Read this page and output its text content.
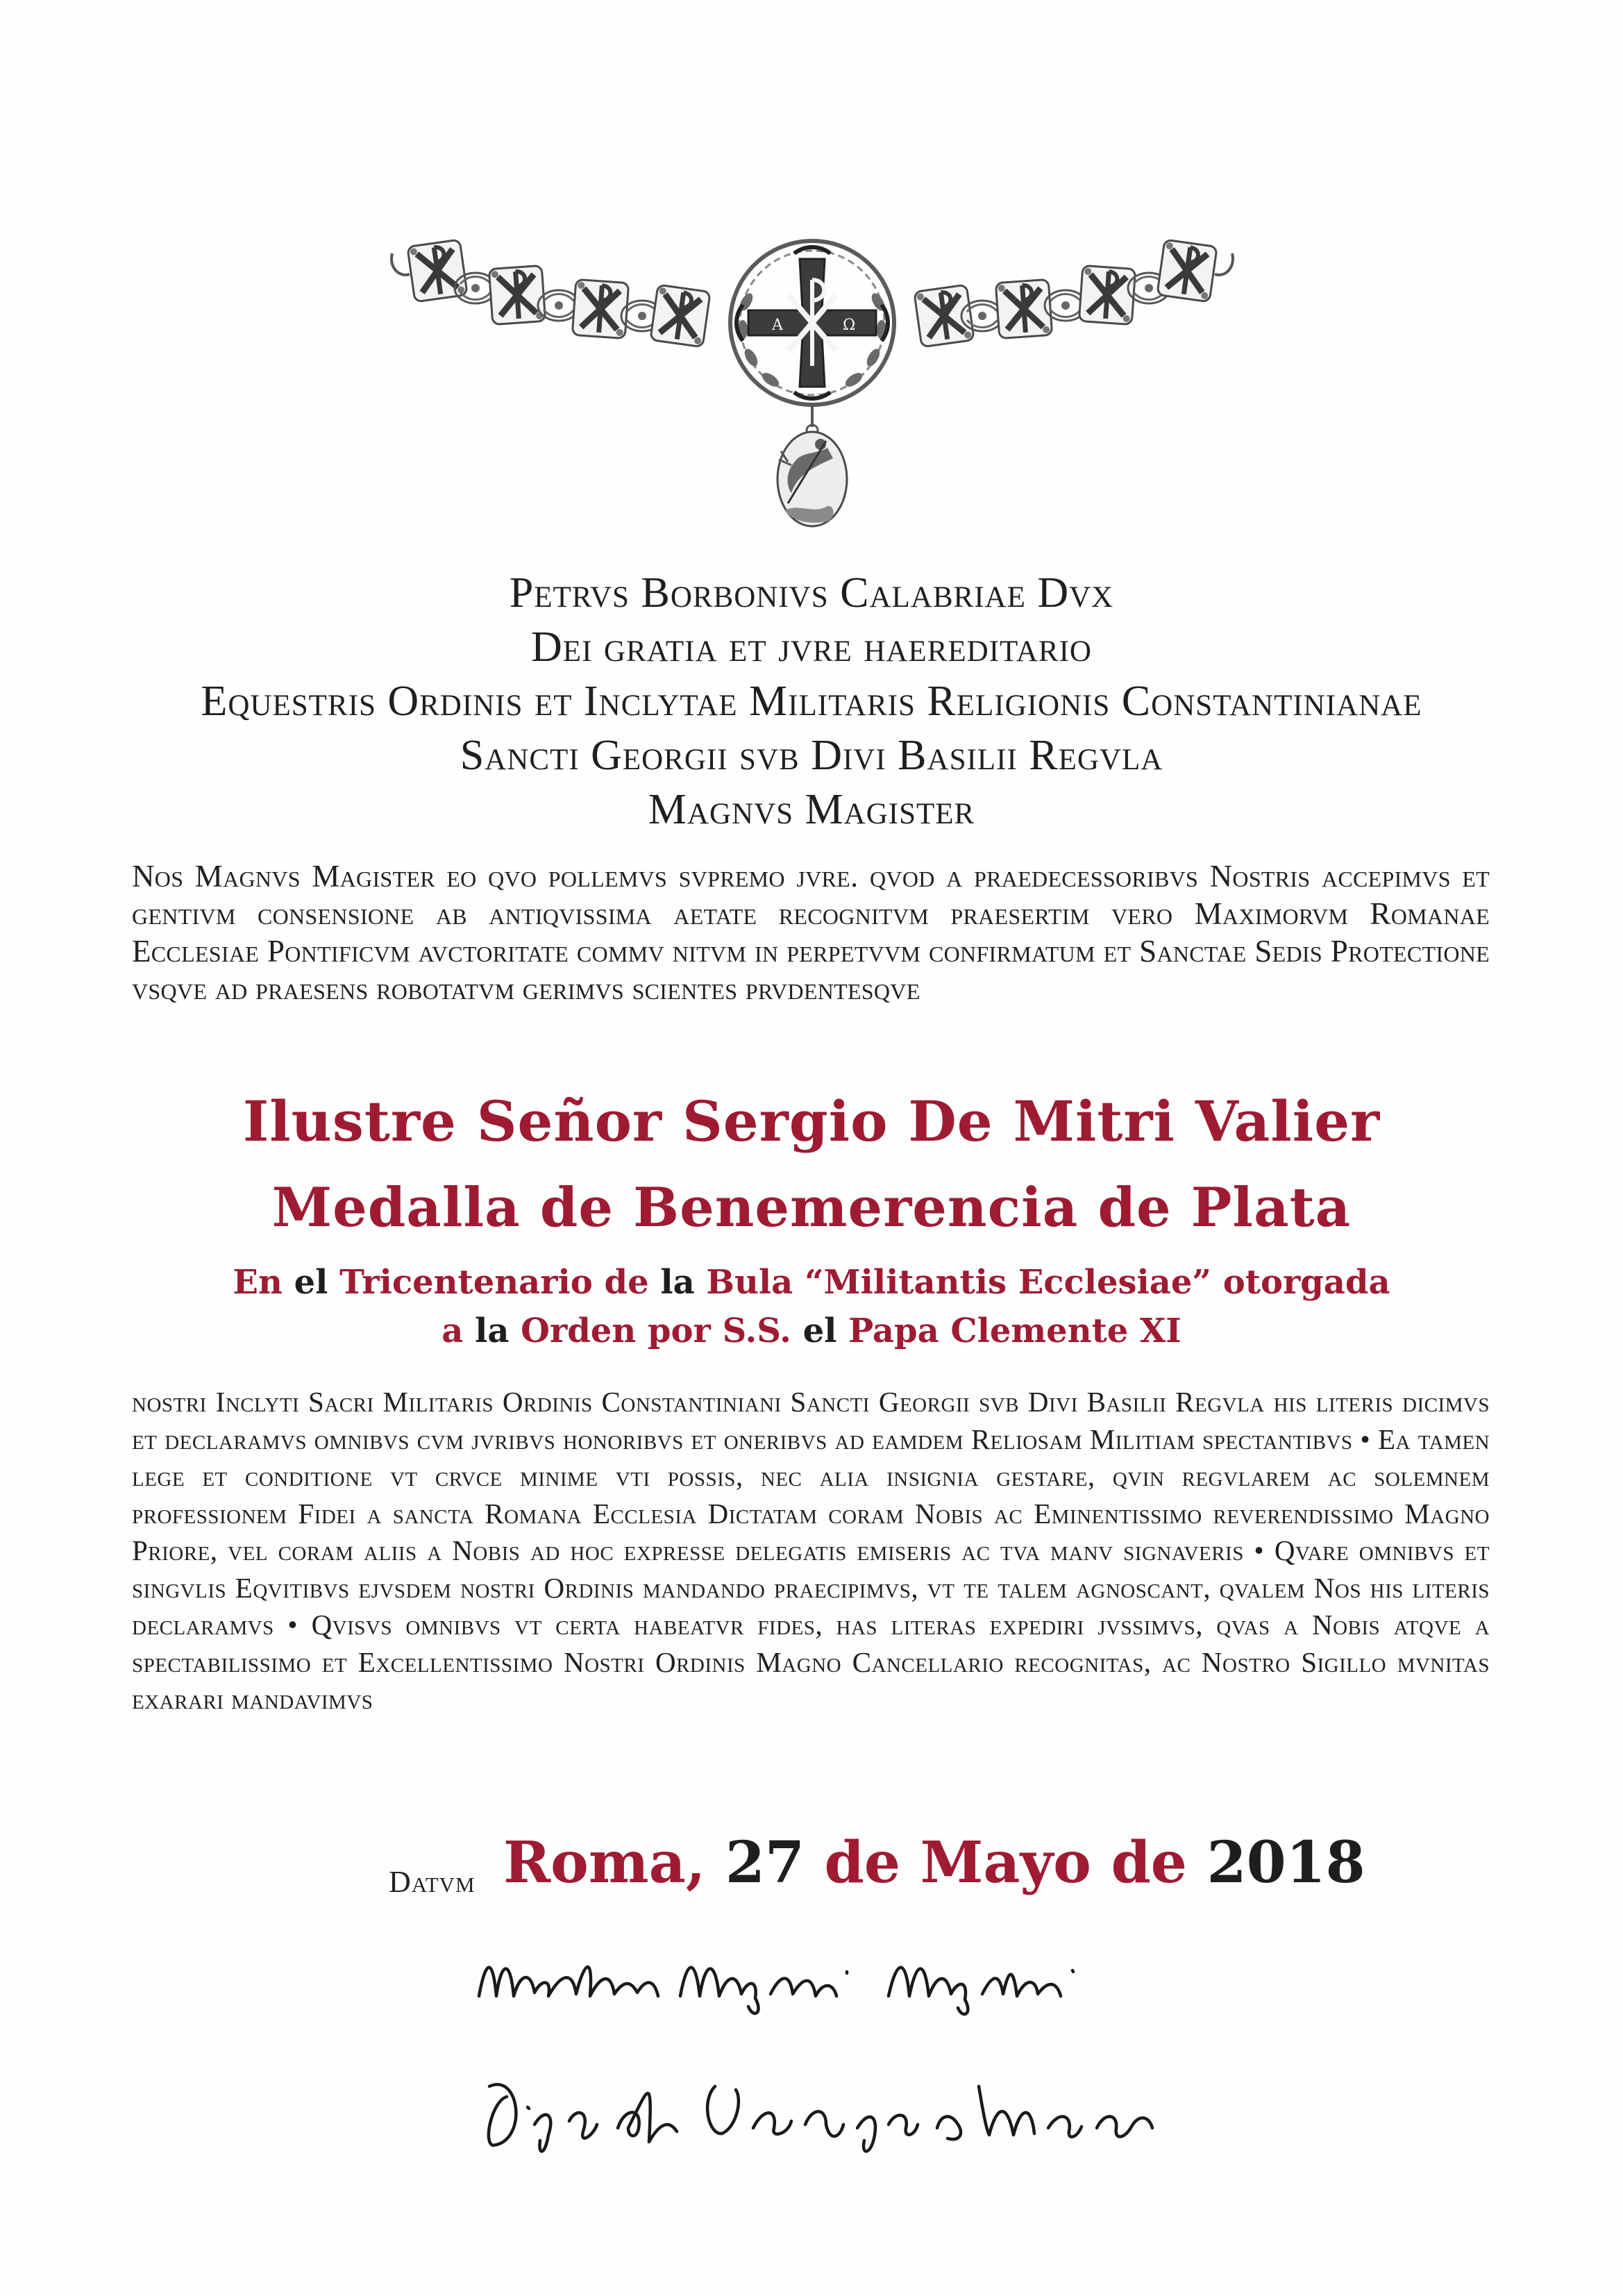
A	Ω
Petrvs Borbonivs Calabriae Dvx
Dei gratia et jvre haereditario
Equestris Ordinis et Inclytae Militaris Religionis Constantinianae
Sancti Georgii svb Divi Basilii Regvla
Magnvs Magister
Nos Magnvs Magister eo qvo pollemvs svpremo jvre. qvod a praedecessoribvs Nostris accepimvs et gentivm consensione ab antiqvissima aetate recognitvm praesertim vero Maximorvm Romanae Ecclesiae Pontificvm avctoritate commv nitvm in perpetvvm confirmatum et Sanctae Sedis Protectione vsqve ad praesens robotatvm gerimvs scientes prvdentesqve
Ilustre Señor Sergio De Mitri Valier
Medalla de Benemerencia de Plata
En el Tricentenario de la Bula “Militantis Ecclesiae” otorgada
a la Orden por S.S. el Papa Clemente XI
nostri Inclyti Sacri Militaris Ordinis Constantiniani Sancti Georgii svb Divi Basilii Regvla his literis dicimvs et declaramvs omnibvs cvm jvribvs honoribvs et oneribvs ad eamdem Reliosam Militiam spectantibvs • Ea tamen lege et conditione vt crvce minime vti possis, nec alia insignia gestare, qvin regvlarem ac solemnem professionem Fidei a sancta Romana Ecclesia Dictatam coram Nobis ac Eminentissimo reverendissimo Magno Priore, vel coram aliis a Nobis ad hoc expresse delegatis emiseris ac tva manv signaveris • Qvare omnibvs et singvlis Eqvitibvs ejvsdem nostri Ordinis mandando praecipimvs, vt te talem agnoscant, qvalem Nos his literis declaramvs • Qvisvs omnibvs vt certa habeatvr fides, has literas expediri jvssimvs, qvas a Nobis atqve a spectabilissimo et Excellentissimo Nostri Ordinis Magno Cancellario recognitas, ac Nostro Sigillo mvnitas exarari mandavimvs
Datvm Roma, 27 de Mayo de 2018
